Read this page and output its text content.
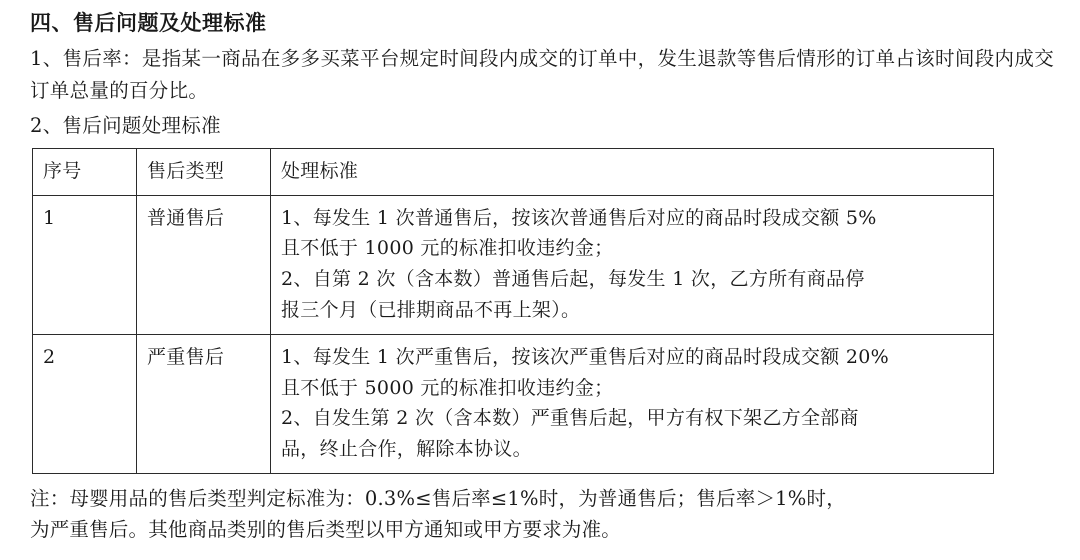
四、售后问题及处理标准
1、售后率：是指某一商品在多多买菜平台规定时间段内成交的订单中，发生退款等售后情形的订单占该时间段内成交订单总量的百分比。
2、售后问题处理标准
序号	售后类型	处理标准
1	普通售后	1、每发生 1 次普通售后，按该次普通售后对应的商品时段成交额 5%
且不低于 1000 元的标准扣收违约金；
2、自第 2 次（含本数）普通售后起，每发生 1 次，乙方所有商品停
报三个月（已排期商品不再上架）。

2	严重售后	1、每发生 1 次严重售后，按该次严重售后对应的商品时段成交额 20%
且不低于 5000 元的标准扣收违约金；
2、自发生第 2 次（含本数）严重售后起，甲方有权下架乙方全部商
品，终止合作，解除本协议。
注：母婴用品的售后类型判定标准为：0.3%≤售后率≤1%时，为普通售后；售后率＞1%时，
为严重售后。其他商品类别的售后类型以甲方通知或甲方要求为准。
